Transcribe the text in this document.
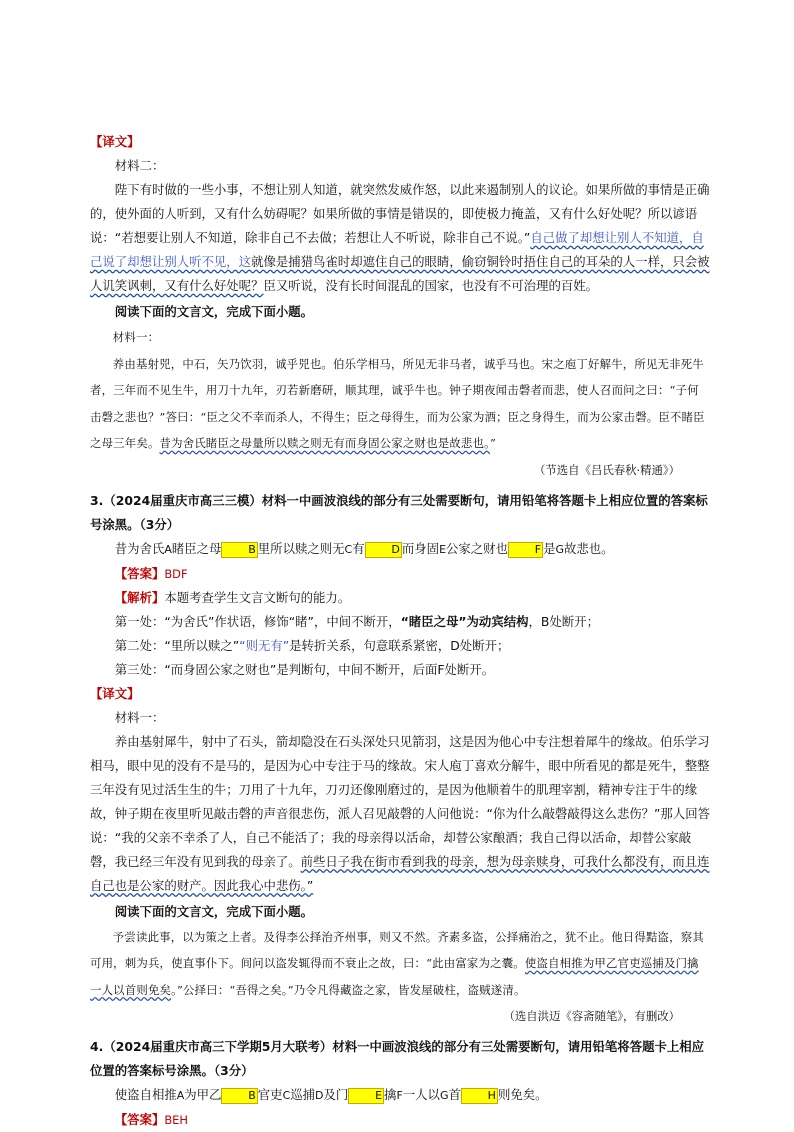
【译文】

材料二：

陛下有时做的一些小事，不想让别人知道，就突然发威作怒，以此来遏制别人的议论。如果所做的事情是正确的，使外面的人听到，又有什么妨碍呢？如果所做的事情是错误的，即使极力掩盖，又有什么好处呢？所以谚语说：“若想要让别人不知道，除非自己不去做；若想让人不听说，除非自己不说。”自己做了却想让别人不知道，自己说了却想让别人听不见，这就像是捕猎鸟雀时却遮住自己的眼睛，偷窃铜铃时捂住自己的耳朵的人一样，只会被人讥笑讽刺，又有什么好处呢？臣又听说，没有长时间混乱的国家，也没有不可治理的百姓。

阅读下面的文言文，完成下面小题。

材料一：

养由基射兕，中石，矢乃饮羽，诚乎兕也。伯乐学相马，所见无非马者，诚乎马也。宋之庖丁好解牛，所见无非死牛者，三年而不见生牛，用刀十九年，刃若新磨研，顺其理，诚乎牛也。钟子期夜闻击磬者而悲，使人召而问之曰：“子何击磬之悲也？”答曰：“臣之父不幸而杀人，不得生；臣之母得生，而为公家为酒；臣之身得生，而为公家击磬。臣不睹臣之母三年矣。昔为舍氏睹臣之母量所以赎之则无有而身固公家之财也是故悲也。”

（节选自《吕氏春秋·精通》）

3.（2024届重庆市高三三模）材料一中画波浪线的部分有三处需要断句，请用铅笔将答题卡上相应位置的答案标号涂黑。（3分）

昔为舍氏A睹臣之母 B 里所以赎之则无C有 D 而身固E公家之财也 F 是G故悲也。

【答案】BDF

【解析】本题考查学生文言文断句的能力。

第一处：“为舍氏”作状语，修饰“睹”，中间不断开，“睹臣之母”为动宾结构，B处断开；

第二处：“里所以赎之”“则无有”是转折关系，句意联系紧密，D处断开；

第三处：“而身固公家之财也”是判断句，中间不断开，后面F处断开。

【译文】

材料一：

养由基射犀牛，射中了石头，箭却隐没在石头深处只见箭羽，这是因为他心中专注想着犀牛的缘故。伯乐学习相马，眼中见的没有不是马的，是因为心中专注于马的缘故。宋人庖丁喜欢分解牛，眼中所看见的都是死牛，整整三年没有见过活生生的牛；刀用了十九年，刀刃还像刚磨过的，是因为他顺着牛的肌理宰割，精神专注于牛的缘故，钟子期在夜里听见敲击磬的声音很悲伤，派人召见敲磬的人问他说：“你为什么敲磬敲得这么悲伤？”那人回答说：“我的父亲不幸杀了人，自己不能活了；我的母亲得以活命，却替公家酿酒；我自己得以活命，却替公家敲磬，我已经三年没有见到我的母亲了。前些日子我在街市看到我的母亲，想为母亲赎身，可我什么都没有，而且连自己也是公家的财产。因此我心中悲伤。”

阅读下面的文言文，完成下面小题。

予尝读此事，以为策之上者。及得李公择治齐州事，则又不然。齐素多盗，公择痛治之，犹不止。他日得黠盗，察其可用，刺为兵，使直事仆下。间问以盗发辄得而不衰止之故，曰：“此由富家为之囊。使盗自相推为甲乙官吏巡捕及门擒一人以首则免矣。”公择曰：“吾得之矣。”乃令凡得藏盗之家，皆发屋破柱，盗贼遂清。

（选自洪迈《容斋随笔》，有删改）

4.（2024届重庆市高三下学期5月大联考）材料一中画波浪线的部分有三处需要断句，请用铅笔将答题卡上相应位置的答案标号涂黑。（3分）

使盗自相推A为甲乙 B 官吏C巡捕D及门 E 擒F一人以G首 H 则免矣。

【答案】BEH
